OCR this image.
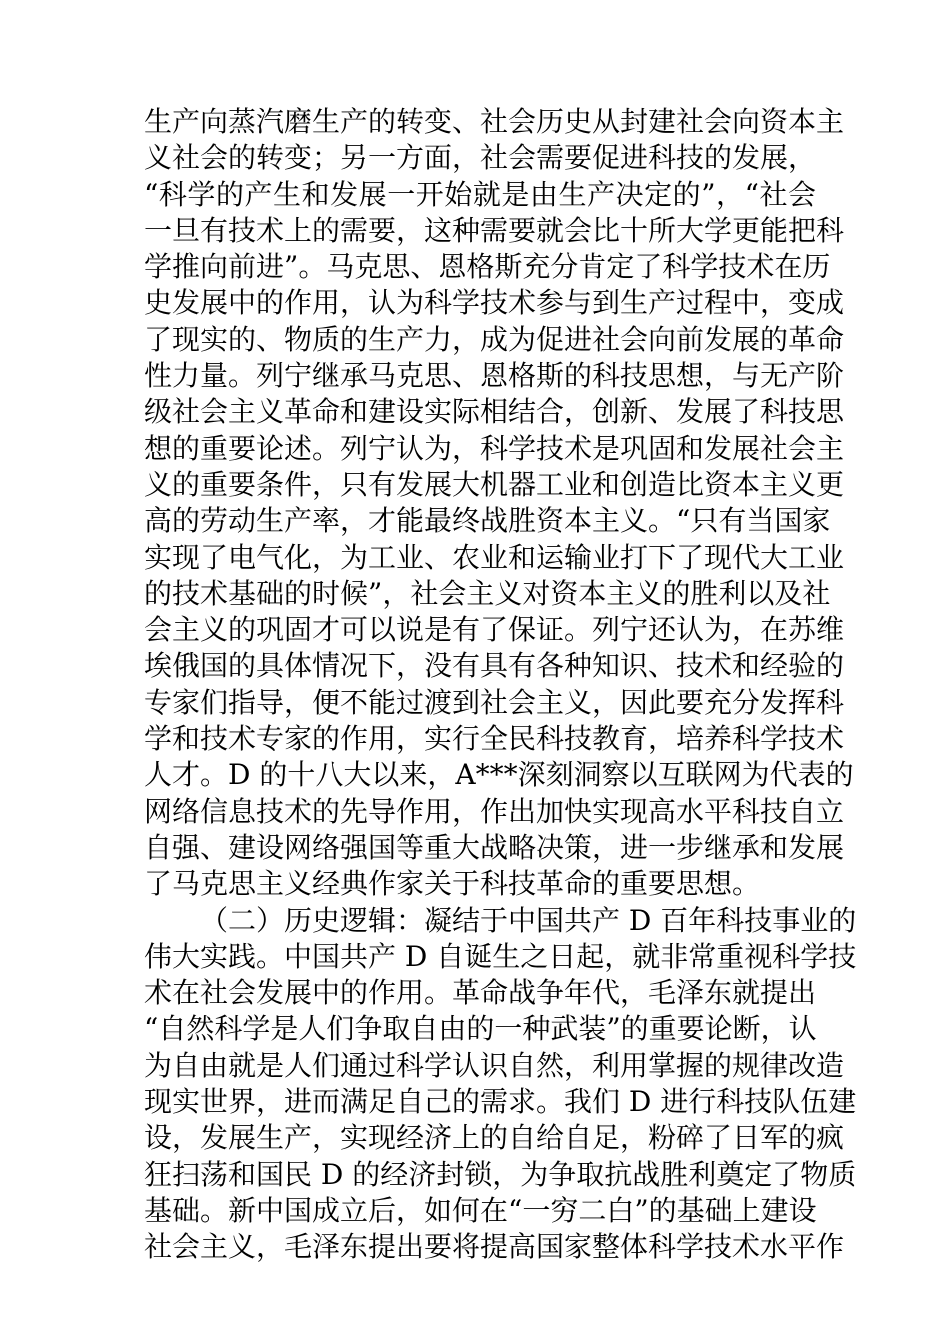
生产向蒸汽磨生产的转变、社会历史从封建社会向资本主
义社会的转变；另一方面，社会需要促进科技的发展，
“科学的产生和发展一开始就是由生产决定的”，“社会
一旦有技术上的需要，这种需要就会比十所大学更能把科
学推向前进”。马克思、恩格斯充分肯定了科学技术在历
史发展中的作用，认为科学技术参与到生产过程中，变成
了现实的、物质的生产力，成为促进社会向前发展的革命
性力量。列宁继承马克思、恩格斯的科技思想，与无产阶
级社会主义革命和建设实际相结合，创新、发展了科技思
想的重要论述。列宁认为，科学技术是巩固和发展社会主
义的重要条件，只有发展大机器工业和创造比资本主义更
高的劳动生产率，才能最终战胜资本主义。“只有当国家
实现了电气化，为工业、农业和运输业打下了现代大工业
的技术基础的时候”，社会主义对资本主义的胜利以及社
会主义的巩固才可以说是有了保证。列宁还认为，在苏维
埃俄国的具体情况下，没有具有各种知识、技术和经验的
专家们指导，便不能过渡到社会主义，因此要充分发挥科
学和技术专家的作用，实行全民科技教育，培养科学技术
人才。D 的十八大以来，A***深刻洞察以互联网为代表的
网络信息技术的先导作用，作出加快实现高水平科技自立
自强、建设网络强国等重大战略决策，进一步继承和发展
了马克思主义经典作家关于科技革命的重要思想。
（二）历史逻辑：凝结于中国共产 D 百年科技事业的
伟大实践。中国共产 D 自诞生之日起，就非常重视科学技
术在社会发展中的作用。革命战争年代，毛泽东就提出
“自然科学是人们争取自由的一种武装”的重要论断，认
为自由就是人们通过科学认识自然，利用掌握的规律改造
现实世界，进而满足自己的需求。我们 D 进行科技队伍建
设，发展生产，实现经济上的自给自足，粉碎了日军的疯
狂扫荡和国民 D 的经济封锁，为争取抗战胜利奠定了物质
基础。新中国成立后，如何在“一穷二白”的基础上建设
社会主义，毛泽东提出要将提高国家整体科学技术水平作
